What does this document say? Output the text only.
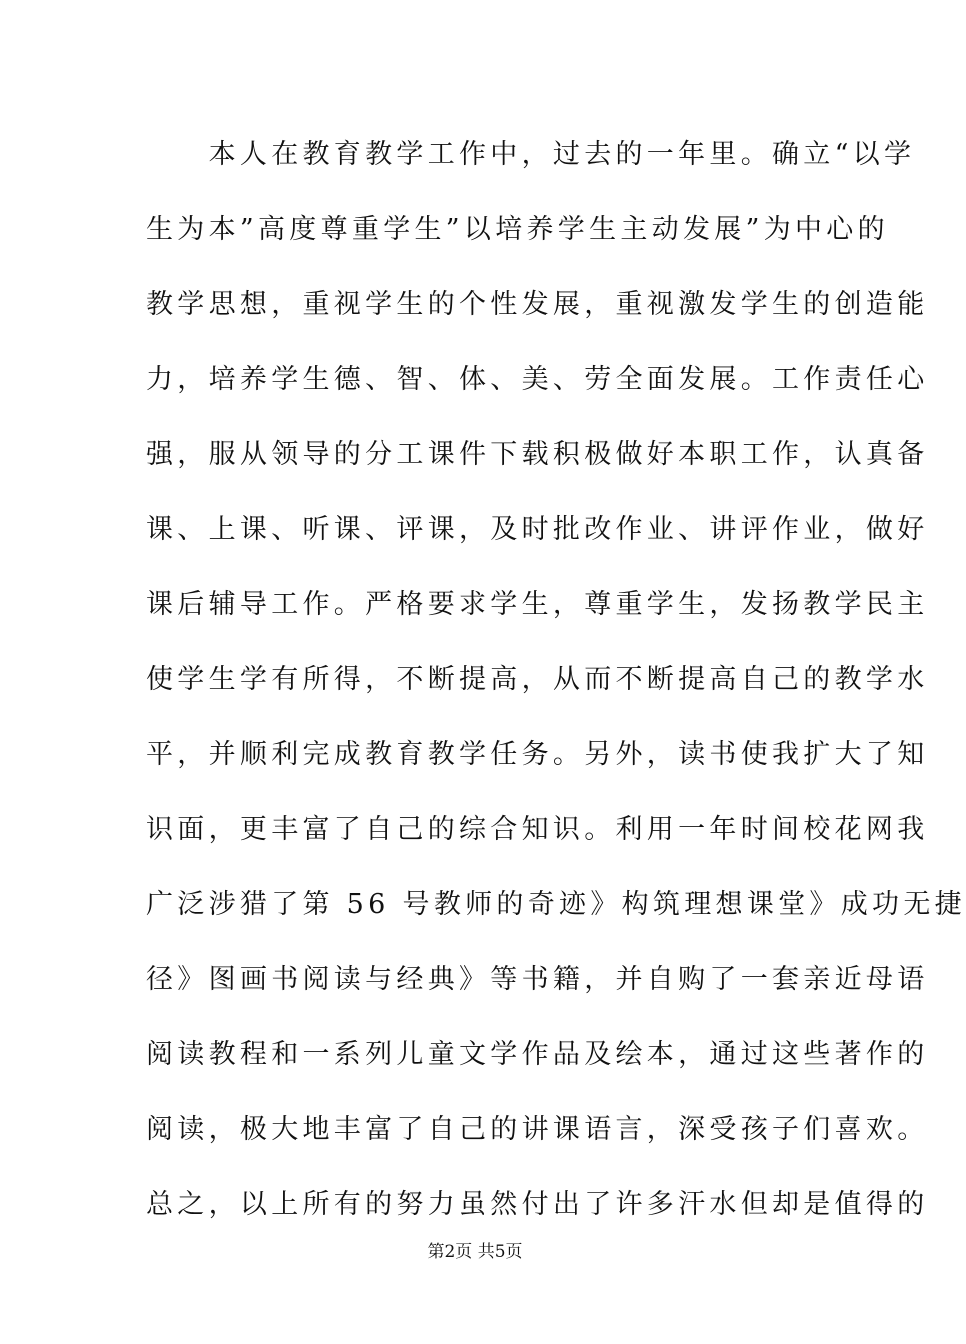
　　本人在教育教学工作中，过去的一年里。确立“以学
生为本”高度尊重学生”以培养学生主动发展”为中心的
教学思想，重视学生的个性发展，重视激发学生的创造能
力，培养学生德、智、体、美、劳全面发展。工作责任心
强，服从领导的分工课件下载积极做好本职工作，认真备
课、上课、听课、评课，及时批改作业、讲评作业，做好
课后辅导工作。严格要求学生，尊重学生，发扬教学民主
使学生学有所得，不断提高，从而不断提高自己的教学水
平，并顺利完成教育教学任务。另外，读书使我扩大了知
识面，更丰富了自己的综合知识。利用一年时间校花网我
广泛涉猎了第 56 号教师的奇迹》构筑理想课堂》成功无捷
径》图画书阅读与经典》等书籍，并自购了一套亲近母语
阅读教程和一系列儿童文学作品及绘本，通过这些著作的
阅读，极大地丰富了自己的讲课语言，深受孩子们喜欢。
总之，以上所有的努力虽然付出了许多汗水但却是值得的
第2页 共5页
